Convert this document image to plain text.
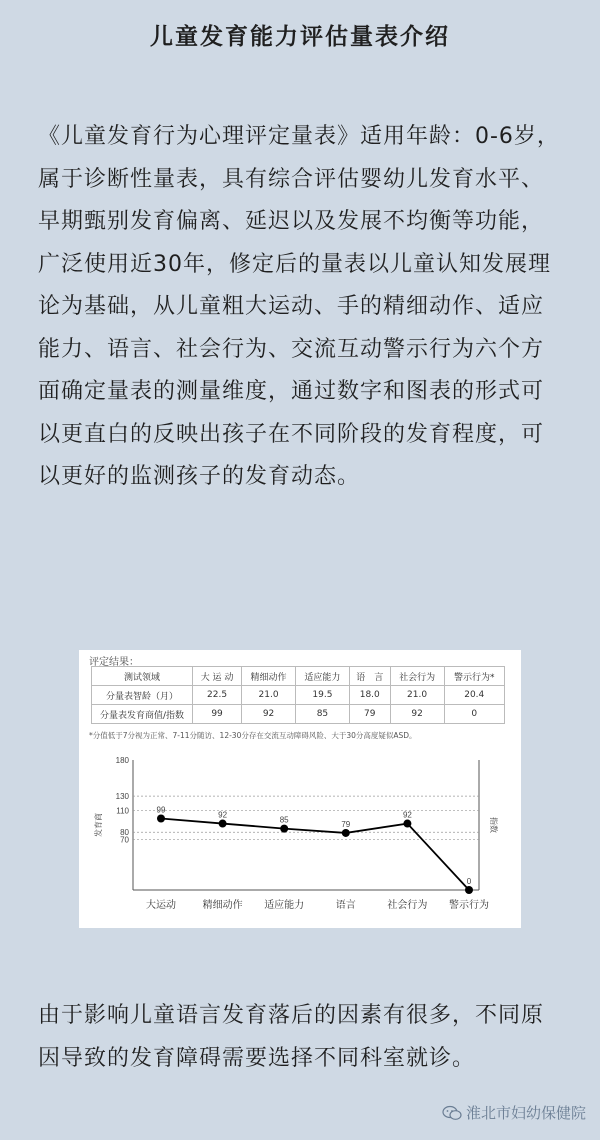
儿童发育能力评估量表介绍
《儿童发育行为心理评定量表》适用年龄：0-6岁，属于诊断性量表，具有综合评估婴幼儿发育水平、早期甄别发育偏离、延迟以及发展不均衡等功能，广泛使用近30年，修定后的量表以儿童认知发展理论为基础，从儿童粗大运动、手的精细动作、适应能力、语言、社会行为、交流互动警示行为六个方面确定量表的测量维度，通过数字和图表的形式可以更直白的反映出孩子在不同阶段的发育程度，可以更好的监测孩子的发育动态。
评定结果：
测试领域	大 运 动	精细动作	适应能力	语　言	社会行为	警示行为*
分量表智龄（月）	22.5	21.0	19.5	18.0	21.0	20.4
分量表发育商值/指数	99	92	85	79	92	0
*分值低于7分视为正常、7-11分随访、12-30分存在交流互动障碍风险、大于30分高度疑似ASD。
180
130
110
80
70
发育商	指数
99
92
85	79
92
0
大运动	精细动作 适应能力	语言	社会行为 警示行为
由于影响儿童语言发育落后的因素有很多，不同原因导致的发育障碍需要选择不同科室就诊。
淮北市妇幼保健院
